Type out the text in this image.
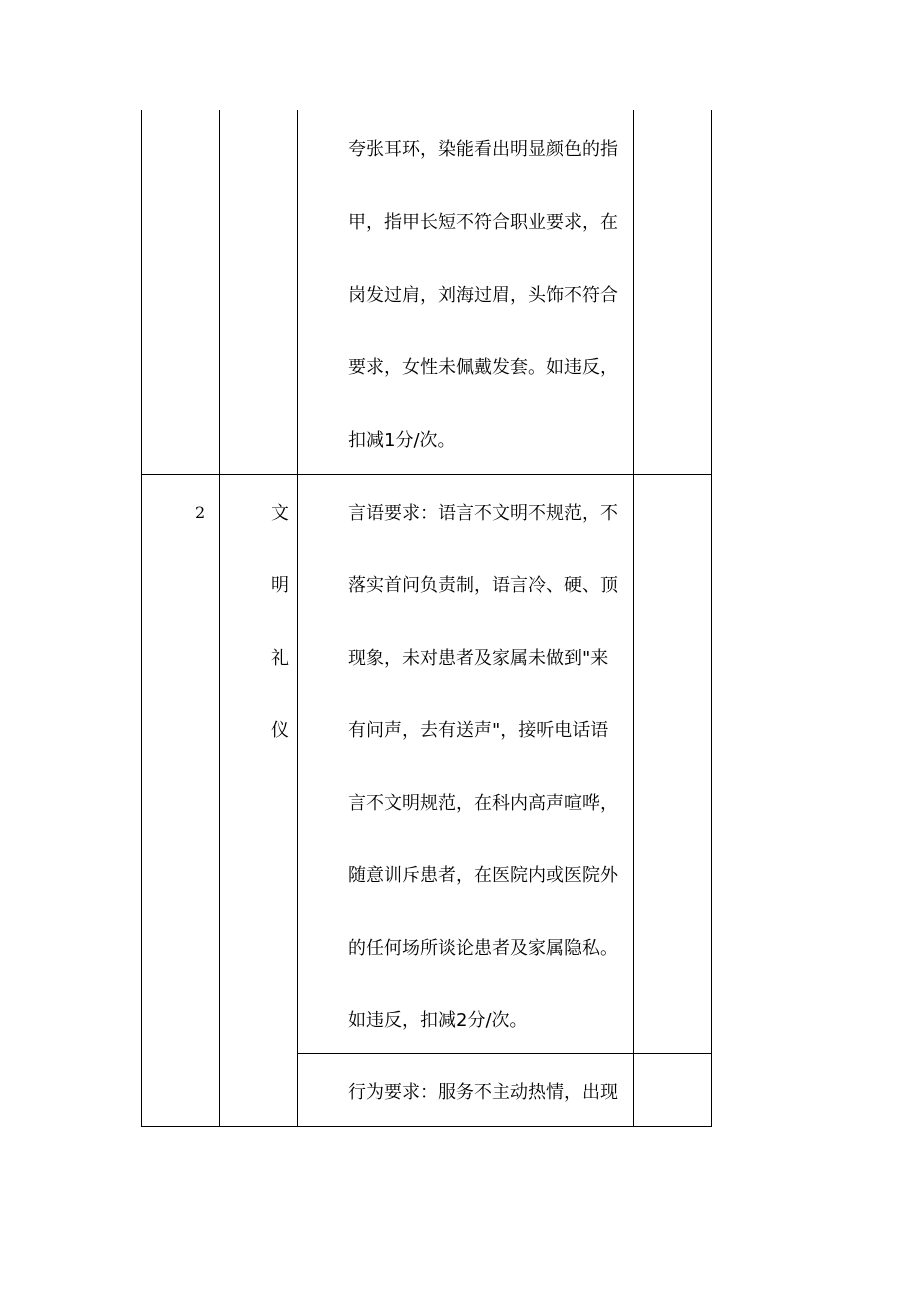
夸张耳环，染能看出明显颜色的指
甲，指甲长短不符合职业要求，在
岗发过肩，刘海过眉，头饰不符合
要求，女性未佩戴发套。如违反，
扣减1分/次。
2	文
明
礼
仪
言语要求：语言不文明不规范，不
落实首问负责制，语言冷、硬、顶
现象，未对患者及家属未做到"来
有问声，去有送声"，接听电话语
言不文明规范，在科内高声喧哗，
随意训斥患者，在医院内或医院外
的任何场所谈论患者及家属隐私。
如违反，扣减2分/次。
行为要求：服务不主动热情，出现
